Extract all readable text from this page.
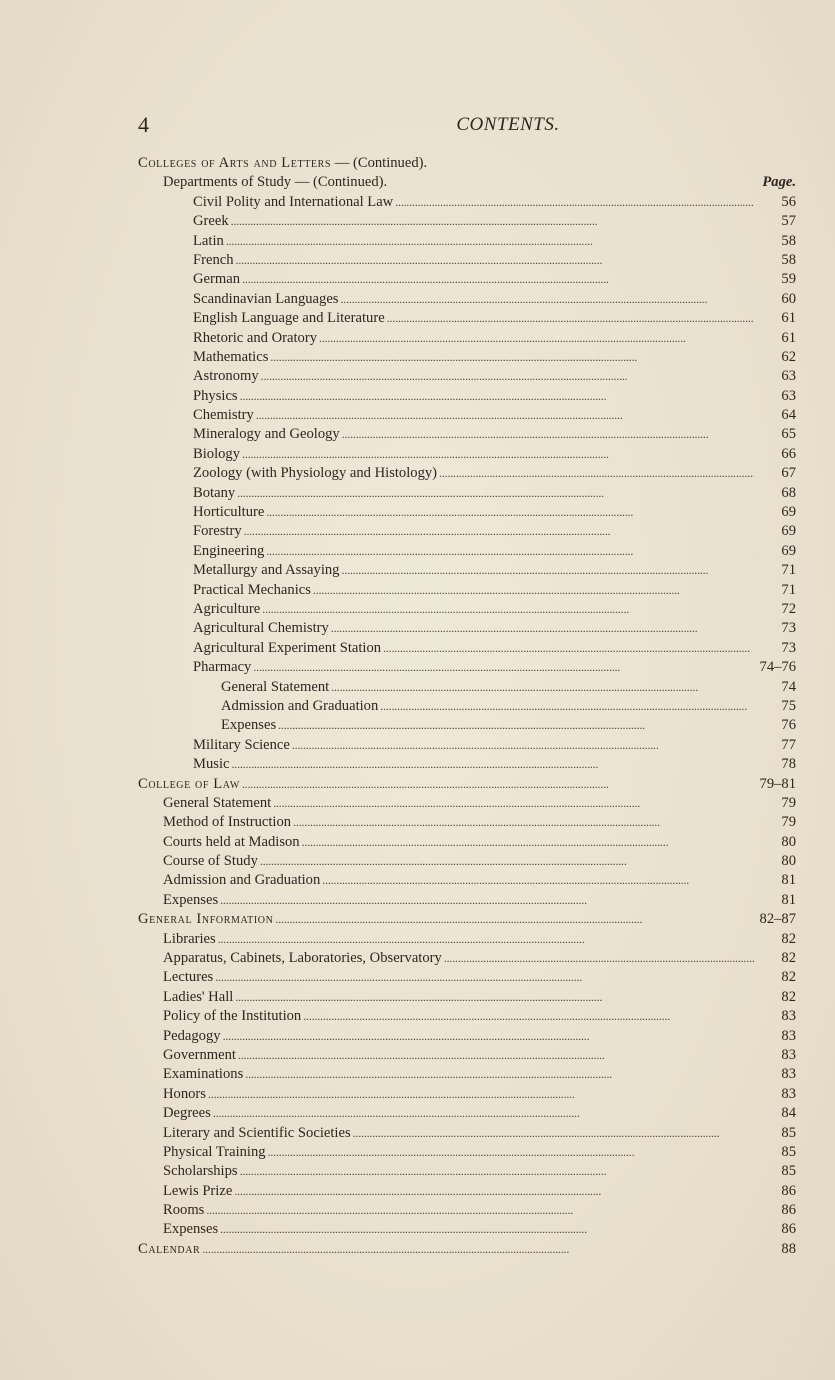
4	CONTENTS.
Colleges of Arts and Letters — (Continued).
Departments of Study — (Continued).	Page.
Civil Polity and International Law . . .	56
Greek . . .	57
Latin . . .	58
French . . .	58
German . . .	59
Scandinavian Languages . . .	60
English Language and Literature . . .	61
Rhetoric and Oratory . . .	61
Mathematics . . .	62
Astronomy . . .	63
Physics . . .	63
Chemistry . . .	64
Mineralogy and Geology . . .	65
Biology . . .	66
Zoology (with Physiology and Histology) . . .	67
Botany . . .	68
Horticulture . . .	69
Forestry . . .	69
Engineering . . .	69
Metallurgy and Assaying . . .	71
Practical Mechanics . . .	71
Agriculture . . .	72
Agricultural Chemistry . . .	73
Agricultural Experiment Station . . .	73
Pharmacy . . .	74–76
General Statement . . .	74
Admission and Graduation . . .	75
Expenses . . .	76
Military Science . . .	77
Music . . .	78
College of Law . . .	79–81
General Statement . . .	79
Method of Instruction . . .	79
Courts held at Madison . . .	80
Course of Study . . .	80
Admission and Graduation . . .	81
Expenses . . .	81
General Information . . .	82–87
Libraries . . .	82
Apparatus, Cabinets, Laboratories, Observatory . . .	82
Lectures . . .	82
Ladies' Hall . . .	82
Policy of the Institution . . .	83
Pedagogy . . .	83
Government . . .	83
Examinations . . .	83
Honors . . .	83
Degrees . . .	84
Literary and Scientific Societies . . .	85
Physical Training . . .	85
Scholarships . . .	85
Lewis Prize . . .	86
Rooms . . .	86
Expenses . . .	86
Calendar . . .	88
